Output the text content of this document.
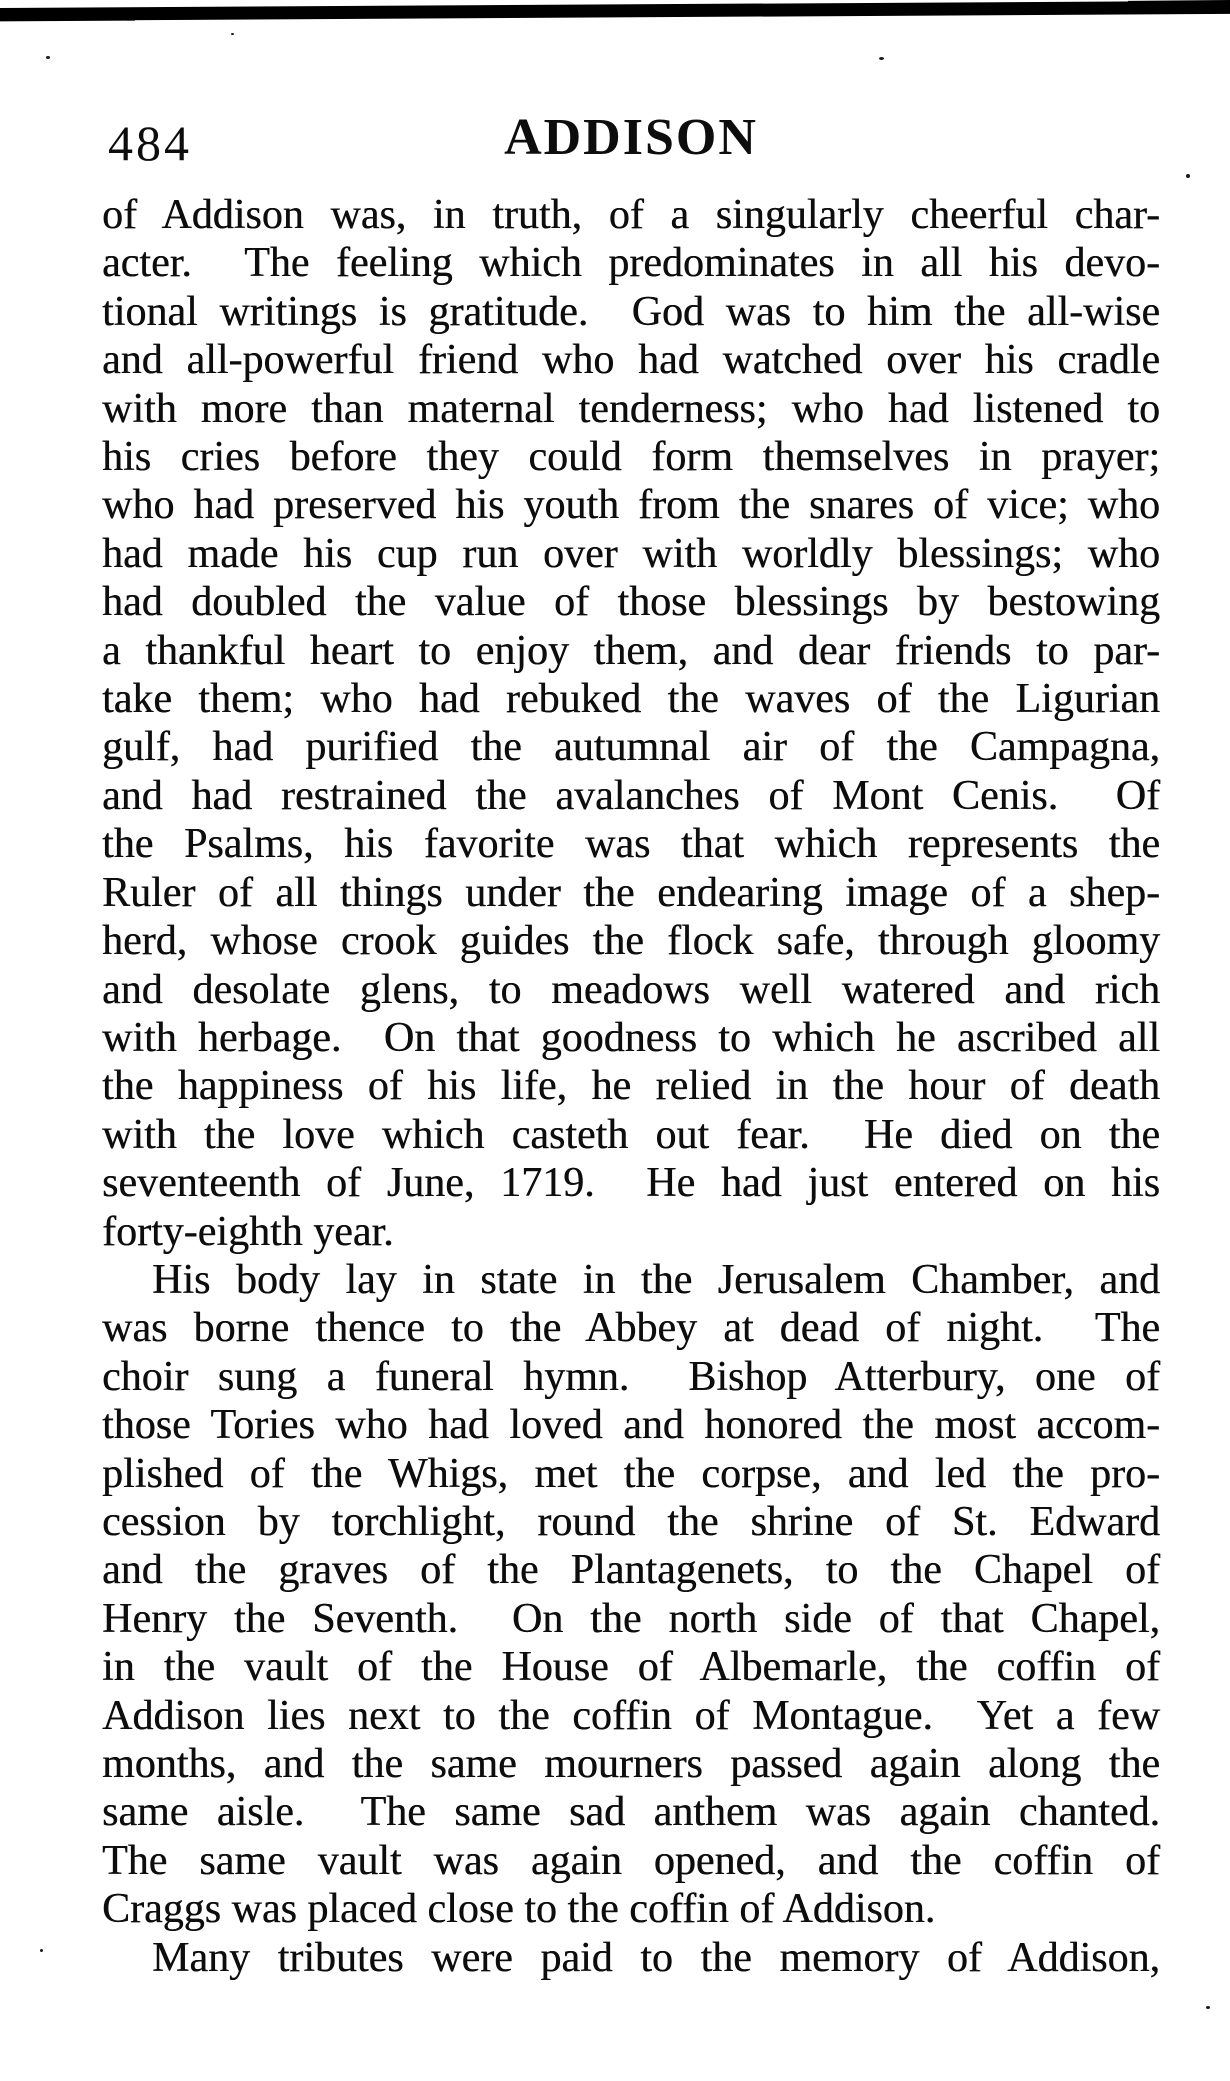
484	ADDISON
of Addison was, in truth, of a singularly cheerful char-
acter.  The feeling which predominates in all his devo-
tional writings is gratitude.  God was to him the all-wise
and all-powerful friend who had watched over his cradle
with more than maternal tenderness; who had listened to
his cries before they could form themselves in prayer;
who had preserved his youth from the snares of vice; who
had made his cup run over with worldly blessings; who
had doubled the value of those blessings by bestowing
a thankful heart to enjoy them, and dear friends to par-
take them; who had rebuked the waves of the Ligurian
gulf, had purified the autumnal air of the Campagna,
and had restrained the avalanches of Mont Cenis.  Of
the Psalms, his favorite was that which represents the
Ruler of all things under the endearing image of a shep-
herd, whose crook guides the flock safe, through gloomy
and desolate glens, to meadows well watered and rich
with herbage.  On that goodness to which he ascribed all
the happiness of his life, he relied in the hour of death
with the love which casteth out fear.  He died on the
seventeenth of June, 1719.  He had just entered on his
forty-eighth year.
His body lay in state in the Jerusalem Chamber, and
was borne thence to the Abbey at dead of night.  The
choir sung a funeral hymn.  Bishop Atterbury, one of
those Tories who had loved and honored the most accom-
plished of the Whigs, met the corpse, and led the pro-
cession by torchlight, round the shrine of St. Edward
and the graves of the Plantagenets, to the Chapel of
Henry the Seventh.  On the north side of that Chapel,
in the vault of the House of Albemarle, the coffin of
Addison lies next to the coffin of Montague.  Yet a few
months, and the same mourners passed again along the
same aisle.  The same sad anthem was again chanted.
The same vault was again opened, and the coffin of
Craggs was placed close to the coffin of Addison.
Many tributes were paid to the memory of Addison,
